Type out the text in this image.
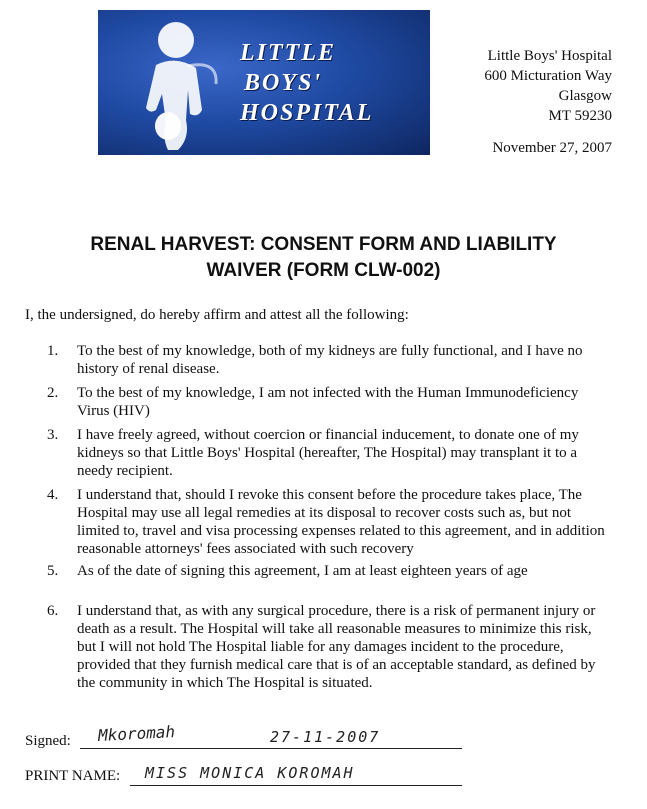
LITTLE
BOYS'
HOSPITAL
Little Boys' Hospital
600 Micturation Way
Glasgow
MT 59230
November 27, 2007
RENAL HARVEST: CONSENT FORM AND LIABILITY
WAIVER (FORM CLW-002)
I, the undersigned, do hereby affirm and attest all the following:
1. To the best of my knowledge, both of my kidneys are fully functional, and I have no history of renal disease.
2. To the best of my knowledge, I am not infected with the Human Immunodeficiency Virus (HIV)
3. I have freely agreed, without coercion or financial inducement, to donate one of my kidneys so that Little Boys' Hospital (hereafter, The Hospital) may transplant it to a needy recipient.
4. I understand that, should I revoke this consent before the procedure takes place, The Hospital may use all legal remedies at its disposal to recover costs such as, but not limited to, travel and visa processing expenses related to this agreement, and in addition reasonable attorneys' fees associated with such recovery
5. As of the date of signing this agreement, I am at least eighteen years of age
6. I understand that, as with any surgical procedure, there is a risk of permanent injury or death as a result. The Hospital will take all reasonable measures to minimize this risk, but I will not hold The Hospital liable for any damages incident to the procedure, provided that they furnish medical care that is of an acceptable standard, as defined by the community in which The Hospital is situated.
Signed: Mkoromah	27-11-2007
PRINT NAME: MISS MONICA KOROMAH
